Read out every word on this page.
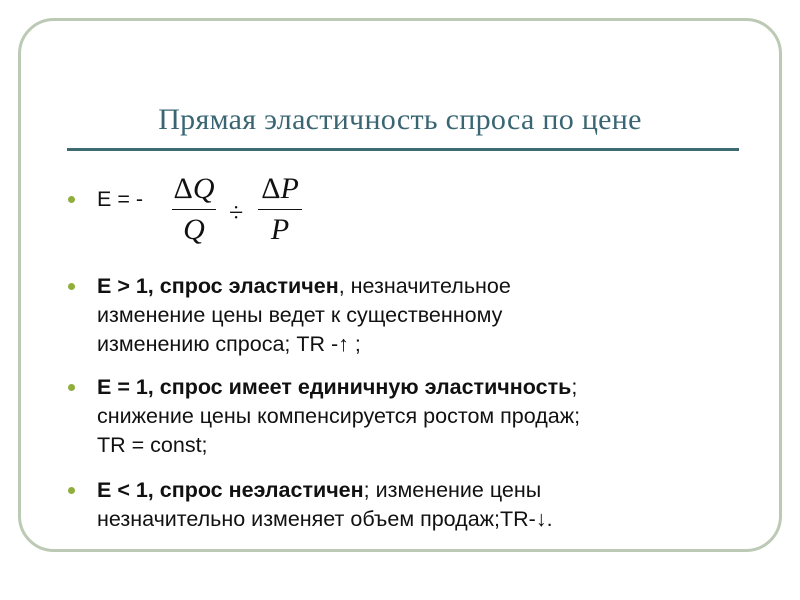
Прямая эластичность спроса по цене
E = - ΔQ
Q
÷
ΔP
P
E > 1, спрос эластичен, незначительное
изменение цены ведет к существенному
изменению спроса; TR -↑ ;
E = 1, спрос имеет единичную эластичность;
снижение цены компенсируется ростом продаж;
TR = const;
E < 1, спрос неэластичен; изменение цены
незначительно изменяет объем продаж;TR-↓.
